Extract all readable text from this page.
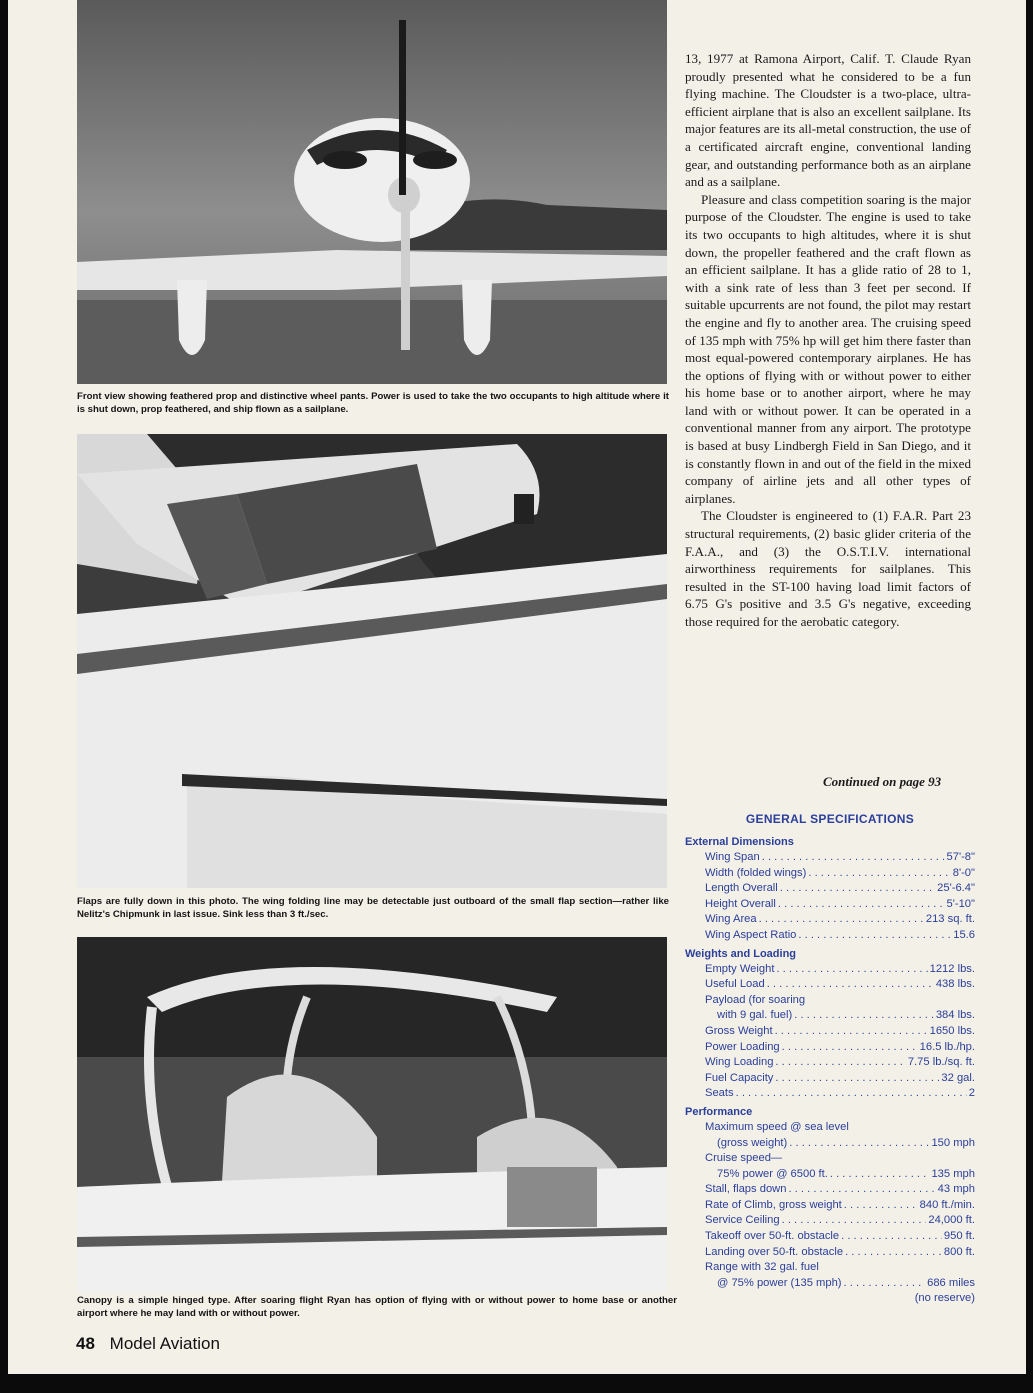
Front view showing feathered prop and distinctive wheel pants. Power is used to take the two occupants to high altitude where it is shut down, prop feathered, and ship flown as a sailplane.
Flaps are fully down in this photo. The wing folding line may be detectable just outboard of the small flap section—rather like Nelitz's Chipmunk in last issue. Sink less than 3 ft./sec.
Canopy is a simple hinged type. After soaring flight Ryan has option of flying with or without power to home base or another airport where he may land with or without power.

13, 1977 at Ramona Airport, Calif. T. Claude Ryan proudly presented what he considered to be a fun flying machine. The Cloudster is a two-place, ultra-efficient airplane that is also an excellent sailplane. Its major features are its all-metal construction, the use of a certificated aircraft engine, conventional landing gear, and outstanding performance both as an airplane and as a sailplane.

Pleasure and class competition soaring is the major purpose of the Cloudster. The engine is used to take its two occupants to high altitudes, where it is shut down, the propeller feathered and the craft flown as an efficient sailplane. It has a glide ratio of 28 to 1, with a sink rate of less than 3 feet per second. If suitable upcurrents are not found, the pilot may restart the engine and fly to another area. The cruising speed of 135 mph with 75% hp will get him there faster than most equal-powered contemporary airplanes. He has the options of flying with or without power to either his home base or to another airport, where he may land with or without power. It can be operated in a conventional manner from any airport. The prototype is based at busy Lindbergh Field in San Diego, and it is constantly flown in and out of the field in the mixed company of airline jets and all other types of airplanes.

The Cloudster is engineered to (1) F.A.R. Part 23 structural requirements, (2) basic glider criteria of the F.A.A., and (3) the O.S.T.I.V. international airworthiness requirements for sailplanes. This resulted in the ST-100 having load limit factors of 6.75 G's positive and 3.5 G's negative, exceeding those required for the aerobatic category.

Continued on page 93
GENERAL SPECIFICATIONS
External Dimensions
Wing Span . . .	57'-8"
Width (folded wings) . . .	8'-0"
Length Overall . . .	25'-6.4"
Height Overall . . .	5'-10"
Wing Area . . .	213 sq. ft.
Wing Aspect Ratio . . .	15.6
Weights and Loading
Empty Weight . . .	1212 lbs.
Useful Load . . .	438 lbs.
Payload (for soaring
with 9 gal. fuel) . . .	384 lbs.
Gross Weight . . .	1650 lbs.
Power Loading . . .	16.5 lb./hp.
Wing Loading . . .	7.75 lb./sq. ft.
Fuel Capacity . . .	32 gal.
Seats . . .	2
Performance
Maximum speed @ sea level
(gross weight) . . .	150 mph
Cruise speed—
75% power @ 6500 ft. . . .	135 mph
Stall, flaps down . . .	43 mph
Rate of Climb, gross weight . . .	840 ft./min.
Service Ceiling . . .	24,000 ft.
Takeoff over 50-ft. obstacle . . .	950 ft.
Landing over 50-ft. obstacle . . .	800 ft.
Range with 32 gal. fuel
@ 75% power (135 mph) . . .	686 miles
(no reserve)
48 Model Aviation
